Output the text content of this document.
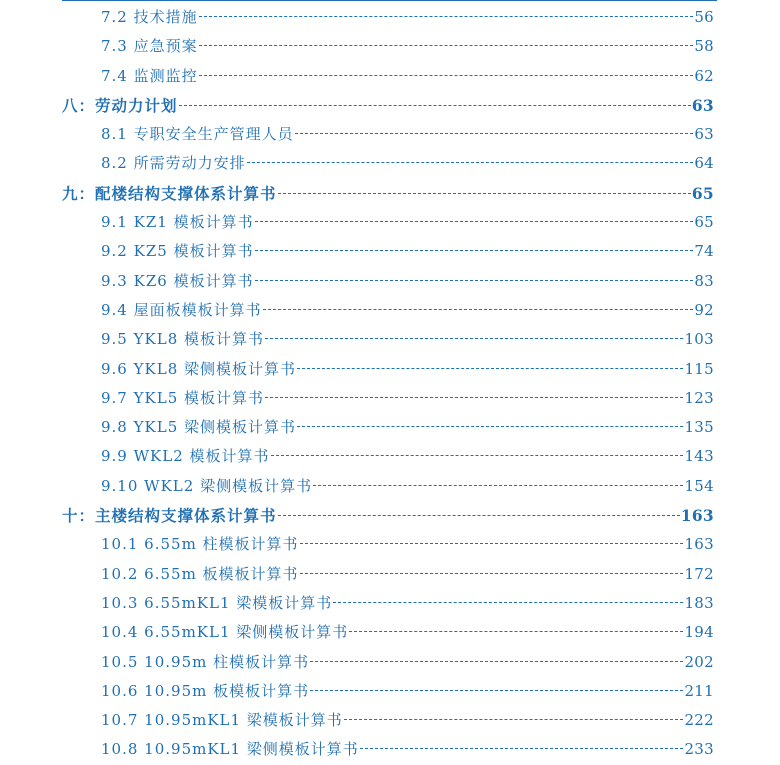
7.2 技术措施	56
7.3 应急预案	58
7.4 监测监控	62
八：劳动力计划	63
8.1 专职安全生产管理人员	63
8.2 所需劳动力安排	64
九：配楼结构支撑体系计算书	65
9.1 KZ1 模板计算书	65
9.2 KZ5 模板计算书	74
9.3 KZ6 模板计算书	83
9.4 屋面板模板计算书	92
9.5 YKL8 模板计算书	103
9.6 YKL8 梁侧模板计算书	115
9.7 YKL5 模板计算书	123
9.8 YKL5 梁侧模板计算书	135
9.9 WKL2 模板计算书	143
9.10 WKL2 梁侧模板计算书	154
十：主楼结构支撑体系计算书	163
10.1 6.55m 柱模板计算书	163
10.2 6.55m 板模板计算书	172
10.3 6.55mKL1 梁模板计算书	183
10.4 6.55mKL1 梁侧模板计算书	194
10.5 10.95m 柱模板计算书	202
10.6 10.95m 板模板计算书	211
10.7 10.95mKL1 梁模板计算书	222
10.8 10.95mKL1 梁侧模板计算书	233
